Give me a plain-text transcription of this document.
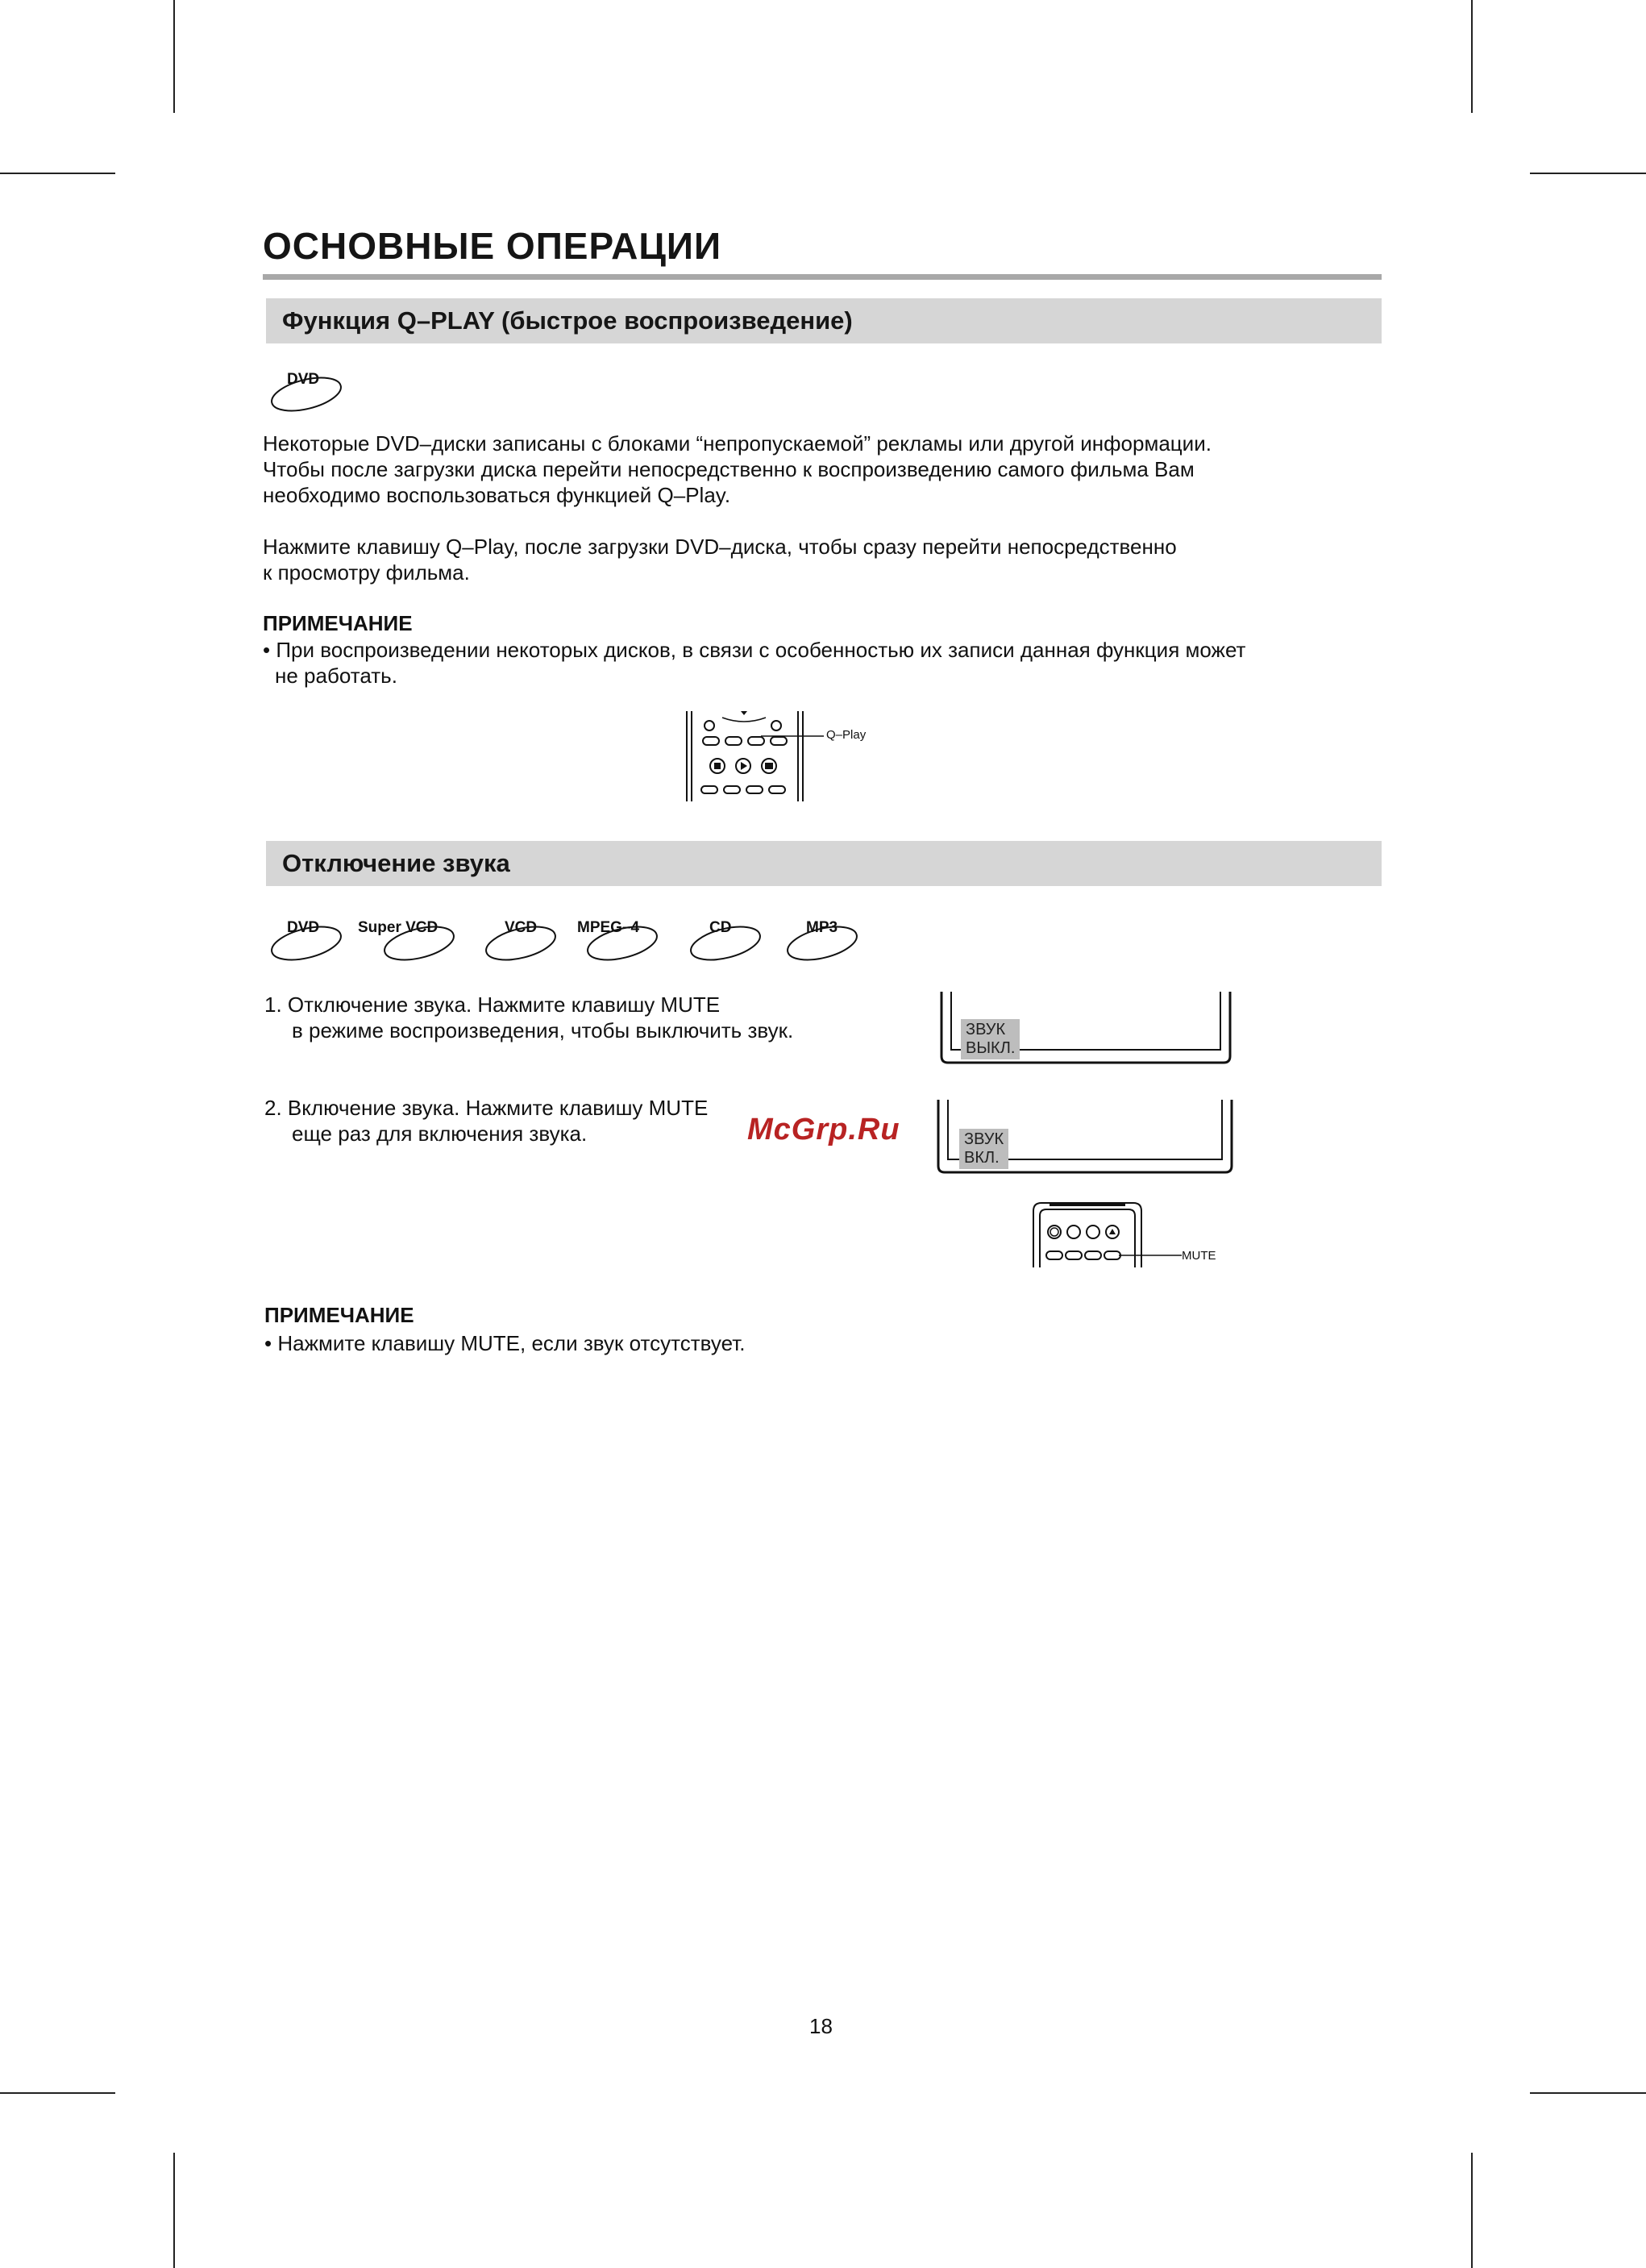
ОСНОВНЫЕ ОПЕРАЦИИ
Функция Q–PLAY (быстрое воспроизведение)
DVD
Некоторые DVD–диски записаны с блоками “непропускаемой” рекламы или другой информации.
Чтобы после загрузки диска перейти непосредственно к воспроизведению самого фильма Вам
необходимо воспользоваться функцией Q–Play.
Нажмите клавишу Q–Play, после загрузки DVD–диска, чтобы сразу перейти непосредственно
к просмотру фильма.
ПРИМЕЧАНИЕ
• При воспроизведении некоторых дисков, в связи с особенностью их записи данная функция может
не работать.
Q–Play
Отключение звука
DVD	Super VCD	VCD	MPEG–4	CD	MP3
1. Отключение звука. Нажмите клавишу MUTE
в режиме воспроизведения, чтобы выключить звук.
2. Включение звука. Нажмите клавишу MUTE
еще раз для включения звука.
ЗВУК ВЫКЛ.
ЗВУК ВКЛ.
McGrp.Ru
MUTE
ПРИМЕЧАНИЕ
• Нажмите клавишу MUTE, если звук отсутствует.
18
